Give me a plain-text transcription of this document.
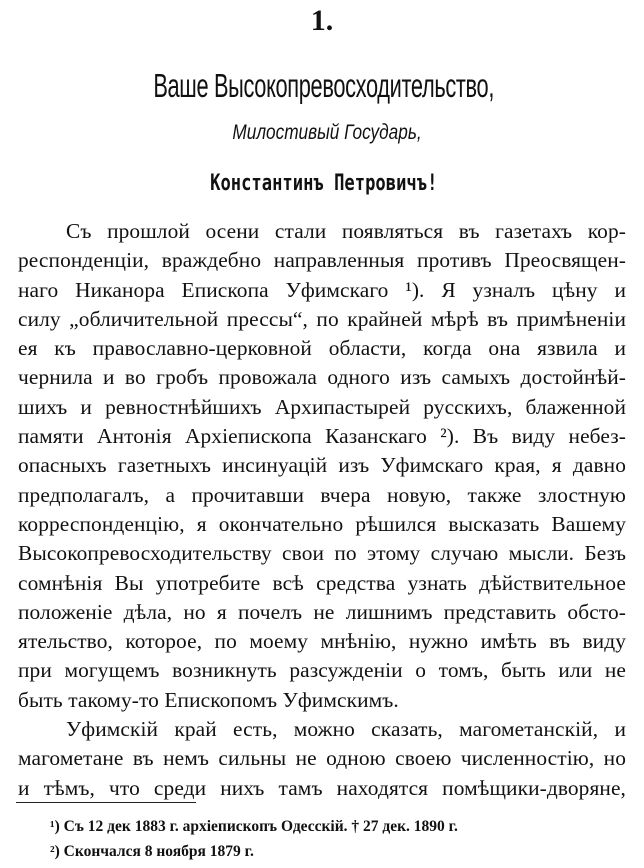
1.
Ваше Высокопревосходительство,
Милостивый Государь,
Константинъ Петровичъ!
Съ прошлой осени стали появляться въ газетахъ кор-
респонденціи, враждебно направленныя противъ Преосвящен-
наго Никанора Епископа Уфимскаго ¹). Я узналъ цѣну и
силу „обличительной прессы“, по крайней мѣрѣ въ примѣненіи
ея къ православно-церковной области, когда она язвила и
чернила и во гробъ провожала одного изъ самыхъ достойнѣй-
шихъ и ревностнѣйшихъ Архипастырей русскихъ, блаженной
памяти Антонія Архіепископа Казанскаго ²). Въ виду небез-
опасныхъ газетныхъ инсинуацій изъ Уфимскаго края, я давно
предполагалъ, а прочитавши вчера новую, также злостную
корреспонденцію, я окончательно рѣшился высказать Вашему
Высокопревосходительству свои по этому случаю мысли. Безъ
сомнѣнія Вы употребите всѣ средства узнать дѣйствительное
положеніе дѣла, но я почелъ не лишнимъ представить обсто-
ятельство, которое, по моему мнѣнію, нужно имѣть въ виду
при могущемъ возникнуть разсужденіи о томъ, быть или не
быть такому-то Епископомъ Уфимскимъ.
Уфимскій край есть, можно сказать, магометанскій, и
магометане въ немъ сильны не одною своею численностію, но
и тѣмъ, что среди нихъ тамъ находятся помѣщики-дворяне,
¹) Съ 12 дек 1883 г. архіепископъ Одесскій. † 27 дек. 1890 г.
²) Скончался 8 ноября 1879 г.
